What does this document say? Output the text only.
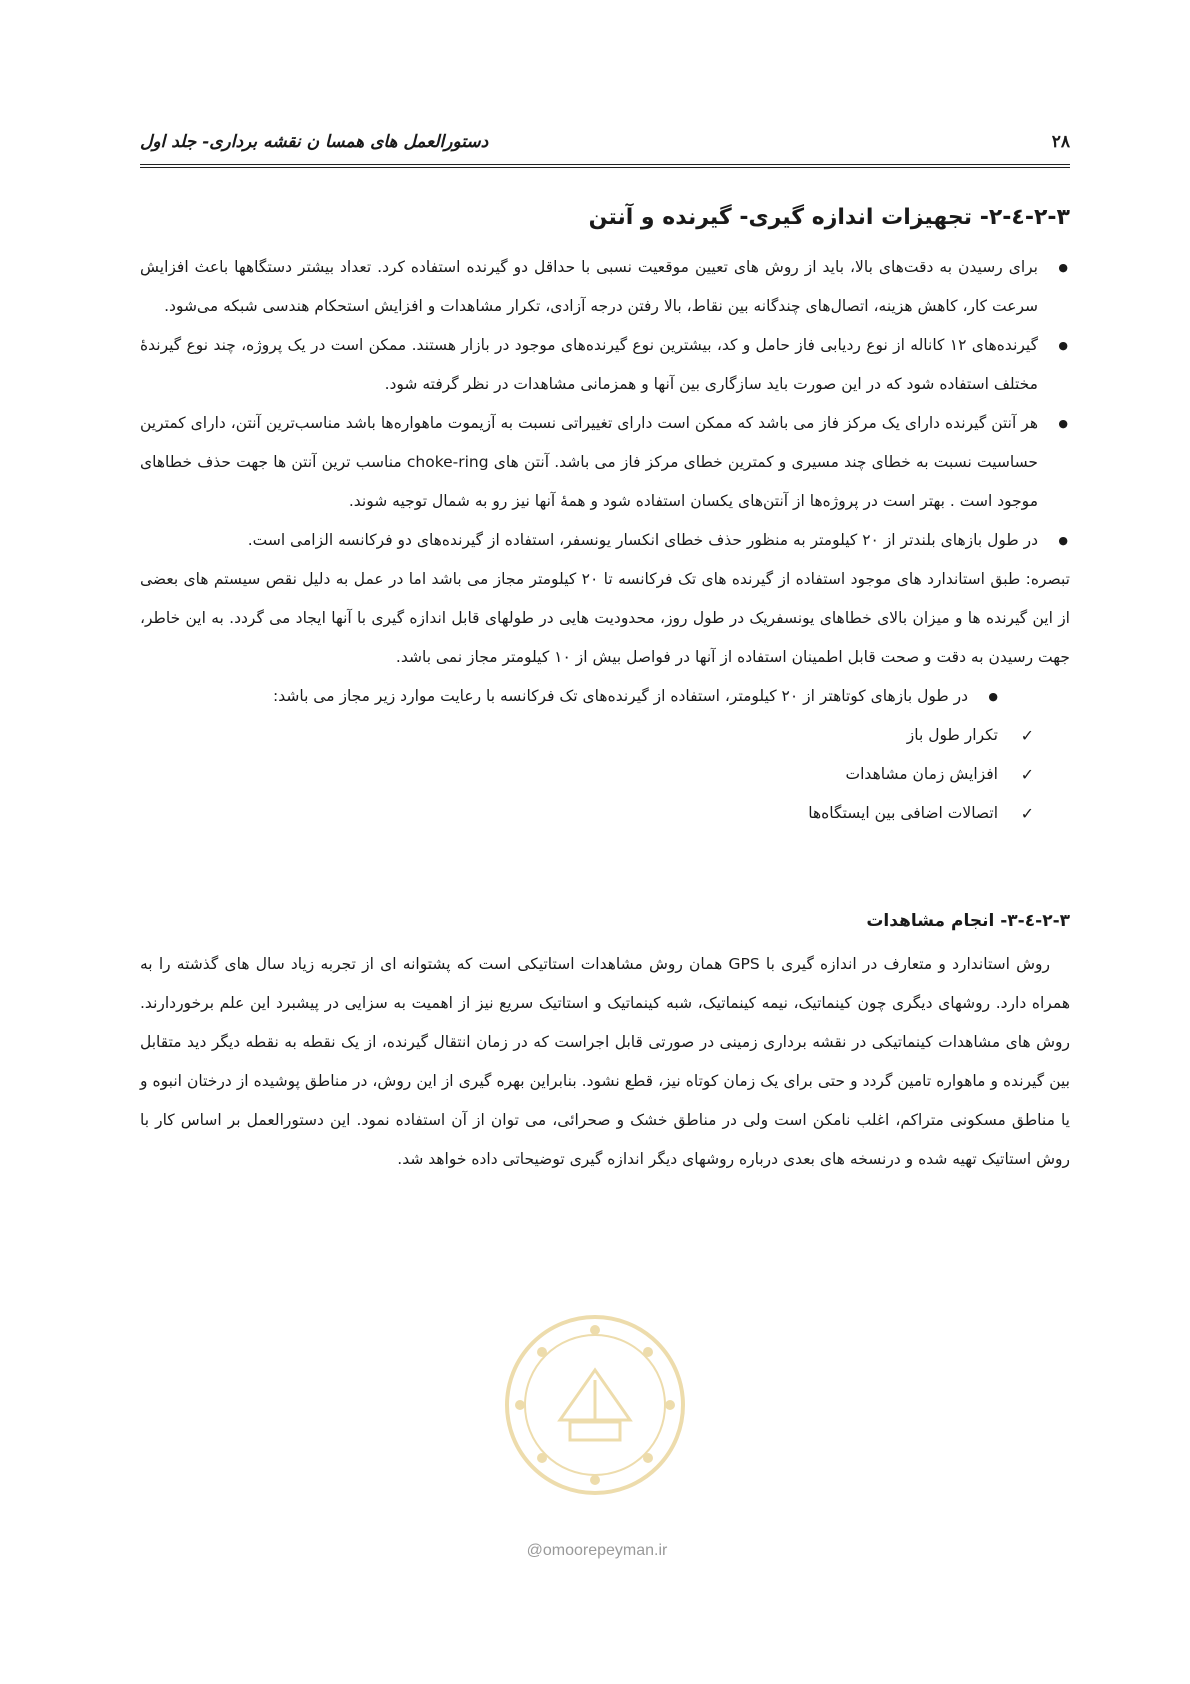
۲۸
دستورالعمل های همسا ن نقشه برداری- جلد اول
۲-۳-٤-۲- تجهیزات اندازه گیری- گیرنده و آنتن
● برای رسیدن به دقت‌های بالا، باید از روش های تعیین موقعیت نسبی با حداقل دو گیرنده استفاده کرد. تعداد بیشتر دستگاهها باعث افزایش سرعت کار، کاهش هزینه، اتصال‌های چندگانه بین نقاط، بالا رفتن درجه آزادی، تکرار مشاهدات و افزایش استحکام هندسی شبکه می‌شود.
● گیرنده‌های ۱۲ کاناله از نوع ردیابی فاز حامل و کد، بیشترین نوع گیرنده‌های موجود در بازار هستند. ممکن است در یک پروژه، چند نوع گیرندهٔ مختلف استفاده شود که در این صورت باید سازگاری بین آنها و همزمانی مشاهدات در نظر گرفته شود.
● هر آنتن گیرنده دارای یک مرکز فاز می باشد که ممکن است دارای تغییراتی نسبت به آزیموت ماهواره‌ها باشد مناسب‌ترین آنتن، دارای کمترین حساسیت نسبت به خطای چند مسیری و کمترین خطای مرکز فاز می باشد. آنتن های choke-ring مناسب ترین آنتن ها جهت حذف خطاهای موجود است . بهتر است در پروژه‌ها از آنتن‌های یکسان استفاده شود و همهٔ آنها نیز رو به شمال توجیه شوند.
● در طول بازهای بلندتر از ۲۰ کیلومتر به منظور حذف خطای انکسار یونسفر، استفاده از گیرنده‌های دو فرکانسه الزامی است.

تبصره: طبق استاندارد های موجود استفاده از گیرنده های تک فرکانسه تا ۲۰ کیلومتر مجاز می باشد اما در عمل به دلیل نقص سیستم های بعضی از این گیرنده ها و میزان بالای خطاهای یونسفریک در طول روز، محدودیت هایی در طولهای قابل اندازه گیری با آنها ایجاد می گردد. به این خاطر، جهت رسیدن به دقت و صحت قابل اطمینان استفاده از آنها در فواصل بیش از ۱۰ کیلومتر مجاز نمی باشد.

● در طول بازهای کوتاهتر از ۲۰ کیلومتر، استفاده از گیرنده‌های تک فرکانسه با رعایت موارد زیر مجاز می باشد:
✓
تکرار طول باز
✓
افزایش زمان مشاهدات
✓
اتصالات اضافی بین ایستگاه‌ها
۲-۳-٤-۳- انجام مشاهدات

روش استاندارد و متعارف در اندازه گیری با GPS همان روش مشاهدات استاتیکی است که پشتوانه ای از تجربه زیاد سال های گذشته را به همراه دارد. روشهای دیگری چون کینماتیک، نیمه کینماتیک، شبه کینماتیک و استاتیک سریع نیز از اهمیت به سزایی در پیشبرد این علم برخوردارند. روش های مشاهدات کینماتیکی در نقشه برداری زمینی در صورتی قابل اجراست که در زمان انتقال گیرنده، از یک نقطه به نقطه دیگر دید متقابل بین گیرنده و ماهواره تامین گردد و حتی برای یک زمان کوتاه نیز، قطع نشود. بنابراین بهره گیری از این روش، در مناطق پوشیده از درختان انبوه و یا مناطق مسکونی متراکم، اغلب نامکن است ولی در مناطق خشک و صحرائی، می توان از آن استفاده نمود. این دستورالعمل بر اساس کار با روش استاتیک تهیه شده و درنسخه های بعدی درباره روشهای دیگر اندازه گیری توضیحاتی داده خواهد شد.

@omoorepeyman.ir
